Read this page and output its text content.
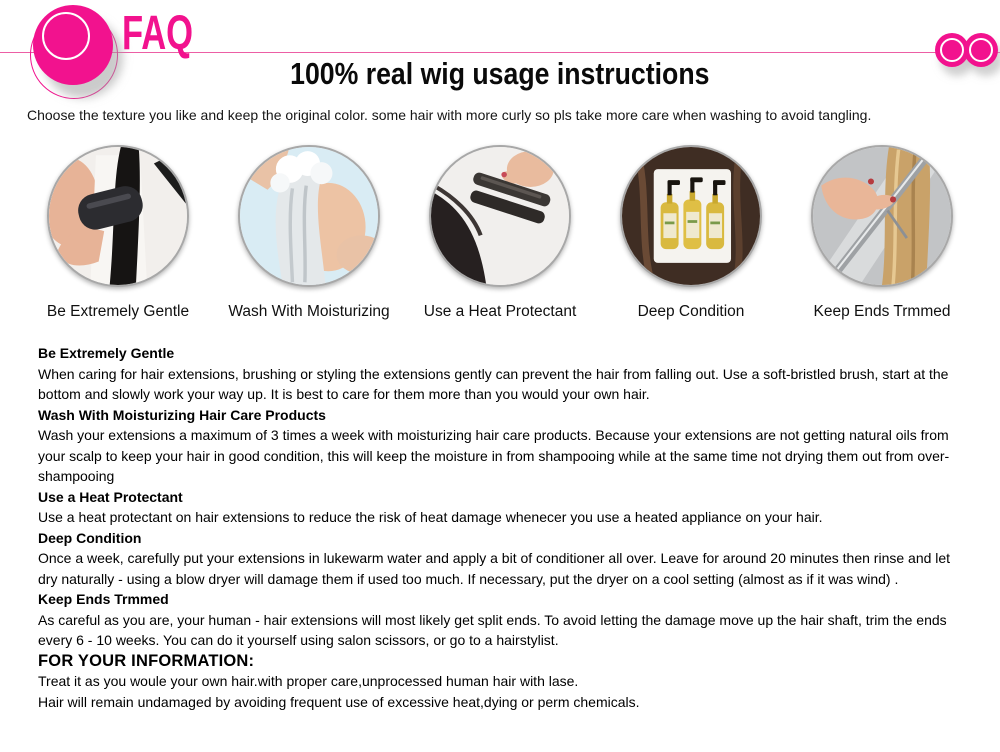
FAQ
100% real wig usage instructions

Choose the texture you like and keep the original color. some hair with more curly so pls take more care when washing to avoid tangling.

Be Extremely Gentle	Wash With Moisturizing Use a Heat Protectant	Deep Condition	Keep Ends Trmmed

Be Extremely Gentle

When caring for hair extensions, brushing or styling the extensions gently can prevent the hair from falling out. Use a soft-bristled brush, start at the bottom and slowly work your way up. It is best to care for them more than you would your own hair.

Wash With Moisturizing Hair Care Products

Wash your extensions a maximum of 3 times a week with moisturizing hair care products. Because your extensions are not getting natural oils from your scalp to keep your hair in good condition, this will keep the moisture in from shampooing while at the same time not drying them out from over-shampooing

Use a Heat Protectant

Use a heat protectant on hair extensions to reduce the risk of heat damage whenecer you use a heated appliance on your hair.

Deep Condition

Once a week, carefully put your extensions in lukewarm water and apply a bit of conditioner all over. Leave for around 20 minutes then rinse and let dry naturally - using a blow dryer will damage them if used too much. If necessary, put the dryer on a cool setting (almost as if it was wind) .

Keep Ends Trmmed

As careful as you are, your human - hair extensions will most likely get split ends. To avoid letting the damage move up the hair shaft, trim the ends every 6 - 10 weeks. You can do it yourself using salon scissors, or go to a hairstylist.

FOR YOUR INFORMATION:

Treat it as you woule your own hair.with proper care,unprocessed human hair with lase.

Hair will remain undamaged by avoiding frequent use of excessive heat,dying or perm chemicals.
